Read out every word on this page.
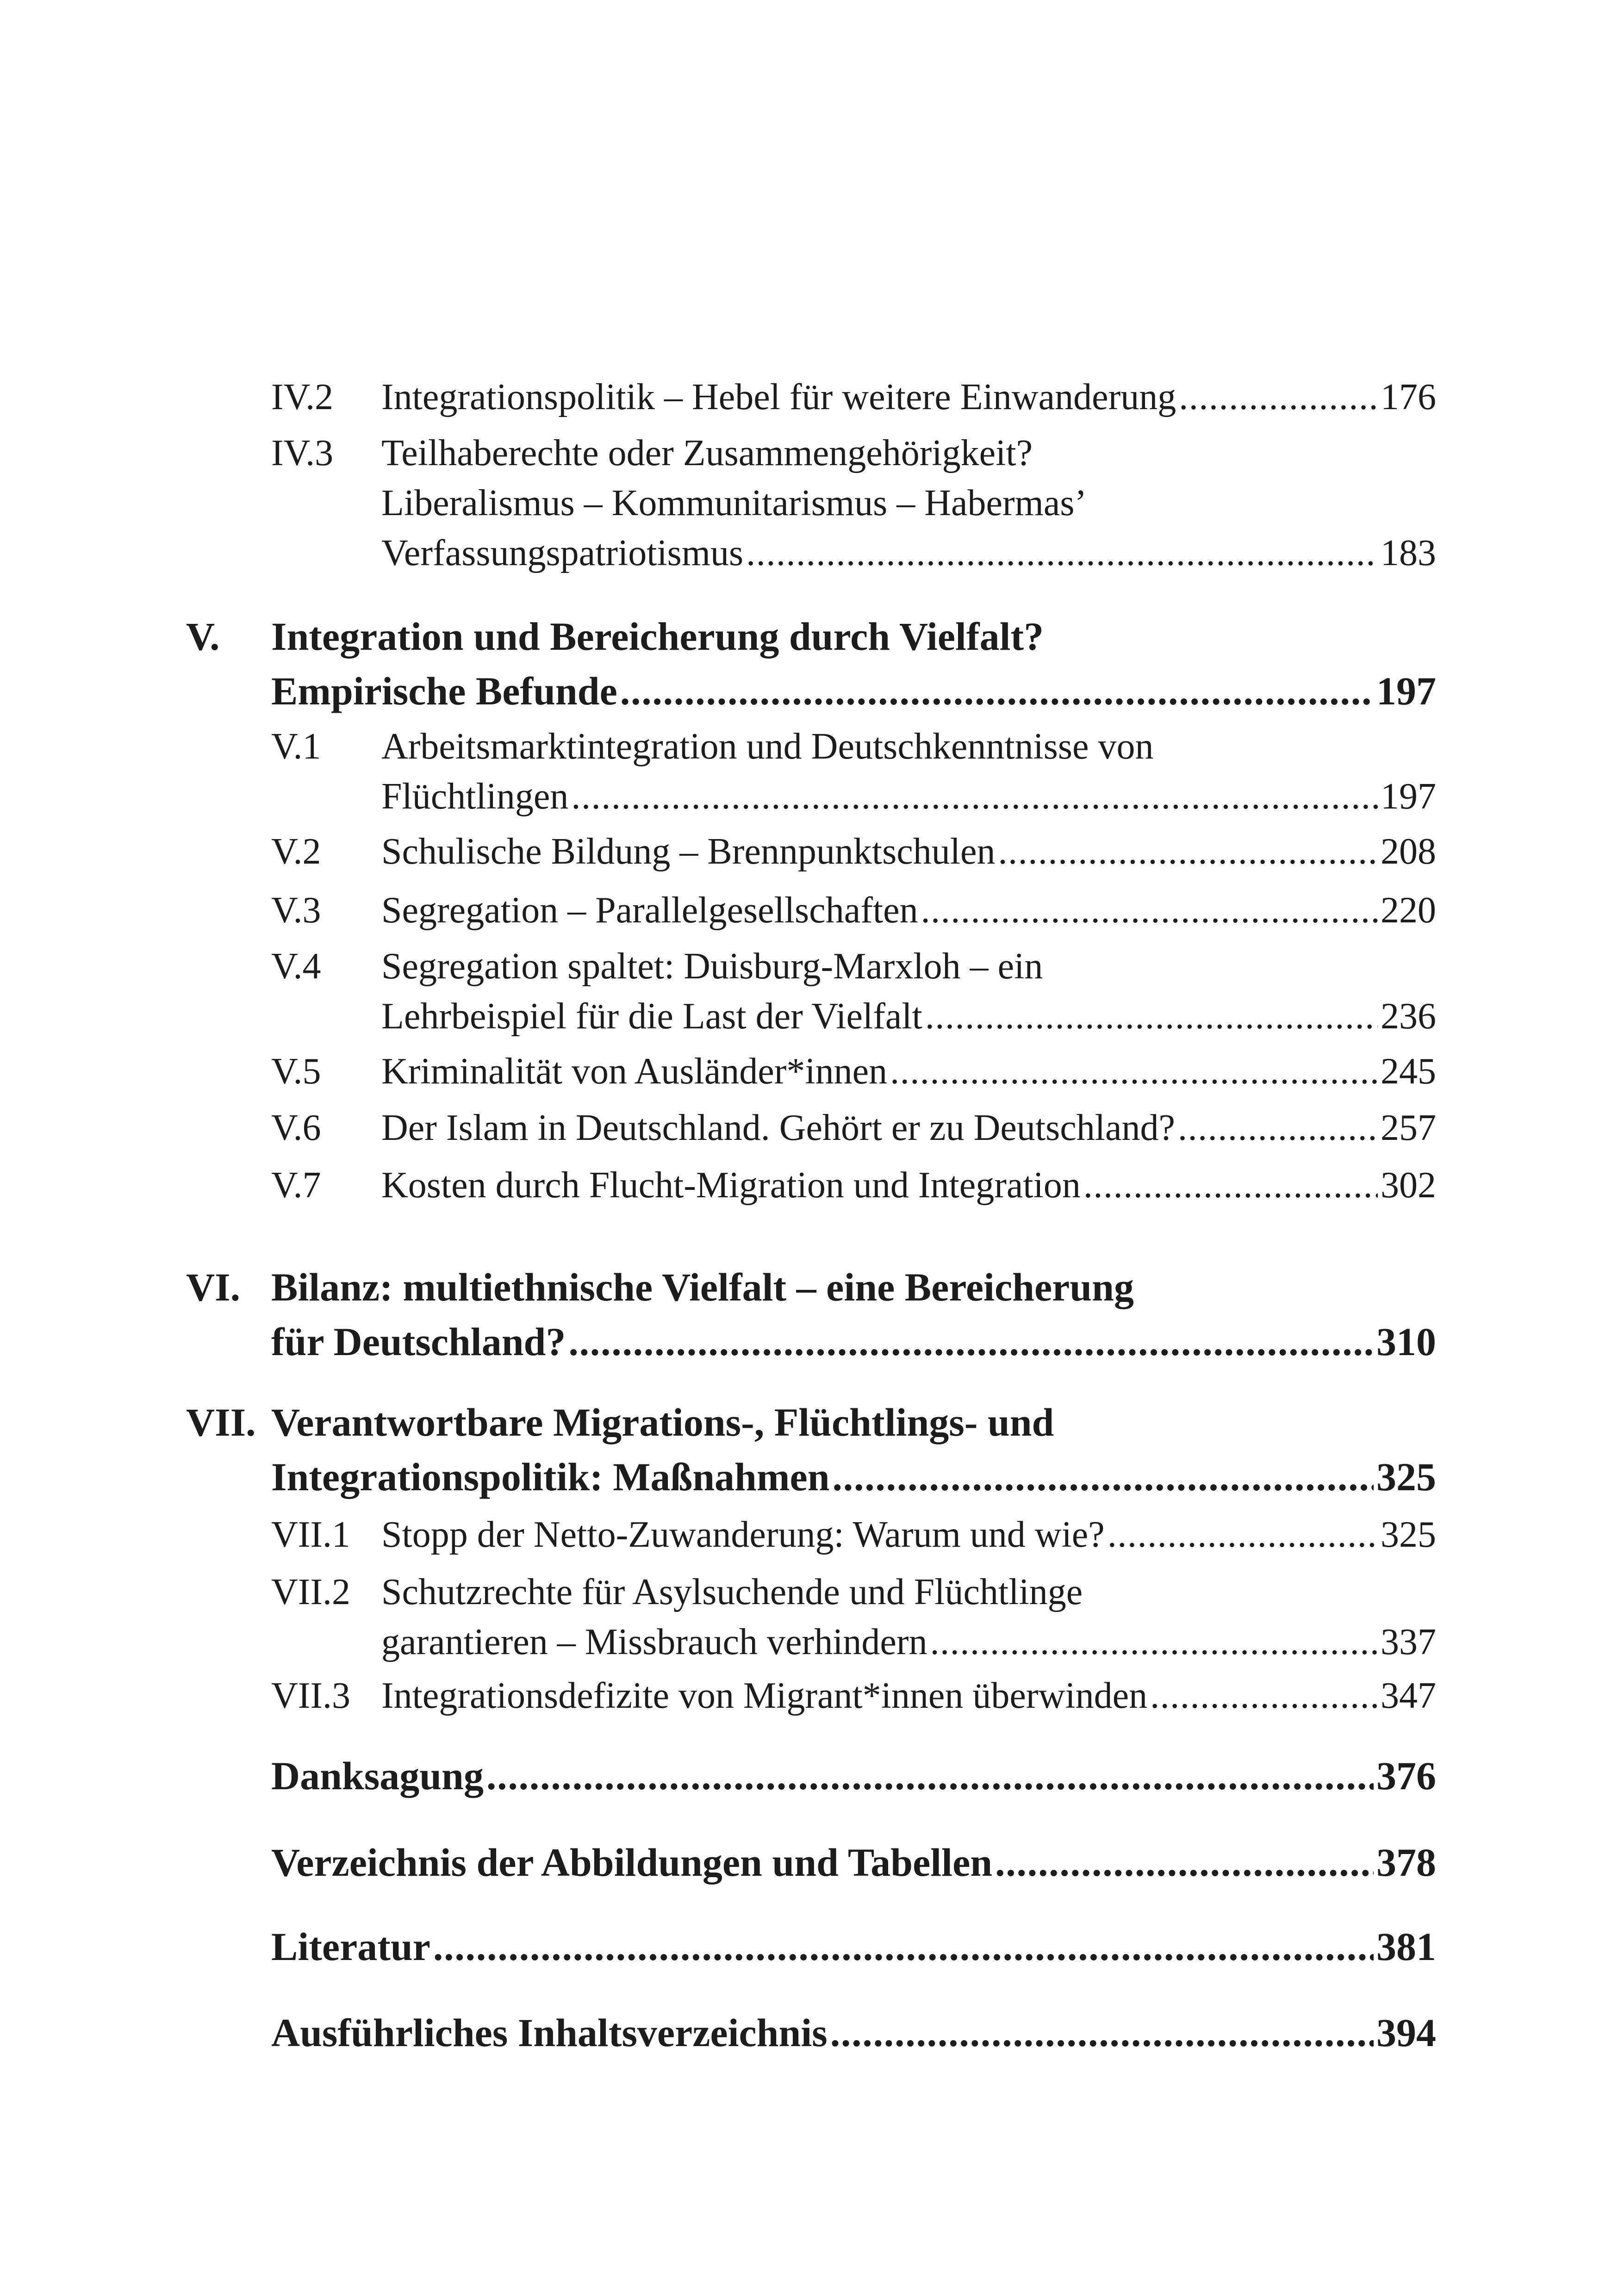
IV.2 Integrationspolitik – Hebel für weitere Einwanderung .....	176
IV.3 Teilhaberechte oder Zusammengehörigkeit?
Liberalismus – Kommunitarismus – Habermas’
Verfassungspatriotismus .....	183
V. Integration und Bereicherung durch Vielfalt?
Empirische Befunde .....	197
V.1 Arbeitsmarktintegration und Deutschkenntnisse von
Flüchtlingen .....	197
V.2 Schulische Bildung – Brennpunktschulen .....	208
V.3 Segregation – Parallelgesellschaften .....	220
V.4 Segregation spaltet: Duisburg-Marxloh – ein
Lehrbeispiel für die Last der Vielfalt .....	236
V.5 Kriminalität von Ausländer*innen .....	245
V.6 Der Islam in Deutschland. Gehört er zu Deutschland? .....	257
V.7 Kosten durch Flucht-Migration und Integration .....	302
VI. Bilanz: multiethnische Vielfalt – eine Bereicherung
für Deutschland? .....	310
VII. Verantwortbare Migrations-, Flüchtlings- und
Integrationspolitik: Maßnahmen .....	325
VII.1 Stopp der Netto-Zuwanderung: Warum und wie? .....	325
VII.2 Schutzrechte für Asylsuchende und Flüchtlinge
garantieren – Missbrauch verhindern .....	337
VII.3 Integrationsdefizite von Migrant*innen überwinden .....	347
Danksagung .....	376
Verzeichnis der Abbildungen und Tabellen .....	378
Literatur .....	381
Ausführliches Inhaltsverzeichnis .....	394
